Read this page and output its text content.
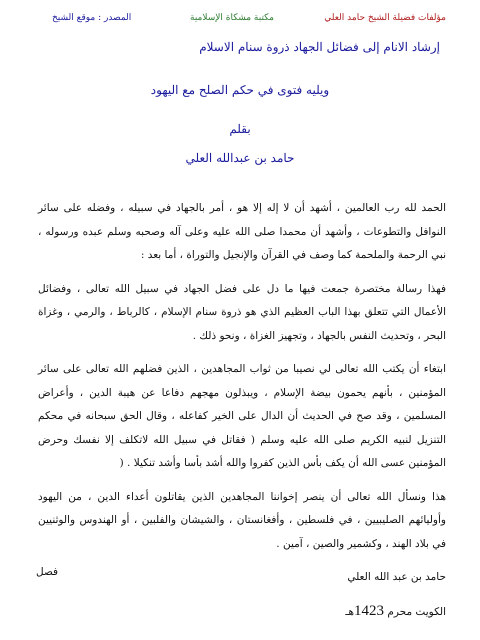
المصدر : موقع الشيخ	مكتبة مشكاة الإسلامية	مؤلفات فضيلة الشيخ حامد العلي
إرشاد الانام إلى فضائل الجهاد ذروة سنام الاسلام
ويليه فتوى في حكم الصلح مع اليهود
بقلم
حامد بن عبدالله العلي

الحمد لله رب العالمين ، أشهد أن لا إله إلا هو ، أمر بالجهاد في سبيله ، وفضله على سائر النوافل والتطوعات ، وأشهد أن محمدا صلى الله عليه وعلى آله وصحبه وسلم عبده ورسوله ، نبي الرحمة والملحمة كما وصف في القرآن والإنجيل والتوراة ، أما بعد :

فهذا رسالة مختصرة جمعت فيها ما دل على فضل الجهاد في سبيل الله تعالى ، وفضائل الأعمال التي تتعلق بهذا الباب العظيم الذي هو ذروة سنام الإسلام ، كالرباط ، والرمي ، وغزاة البحر ، وتحديث النفس بالجهاد ، وتجهيز الغزاة ، ونحو ذلك .

ابتغاء أن يكتب الله تعالى لي نصيبا من ثواب المجاهدين ، الذين فضلهم الله تعالى على سائر المؤمنين ، بأنهم يحمون بيضة الإسلام ، ويبذلون مهجهم دفاعا عن هيبة الدين ، وأعراض المسلمين ، وقد صح في الحديث أن الدال على الخير كفاعله ، وقال الحق سبحانه في محكم التنزيل لنبيه الكريم صلى الله عليه وسلم ( فقاتل في سبيل الله لاتكلف إلا نفسك وحرض المؤمنين عسى الله أن يكف بأس الذين كفروا والله أشد بأسا وأشد تنكيلا . (

هذا ونسأل الله تعالى أن ينصر إخواننا المجاهدين الذين يقاتلون أعداء الدين ، من اليهود وأوليائهم الصليبيين ، في فلسطين ، وأفغانستان ، والشيشان والفلبين ، أو الهندوس والوثنيين في بلاد الهند ، وكشمير والصين ، آمين .

حامد بن عبد الله العلي

الكويت محرم 1423هـ

فصل
